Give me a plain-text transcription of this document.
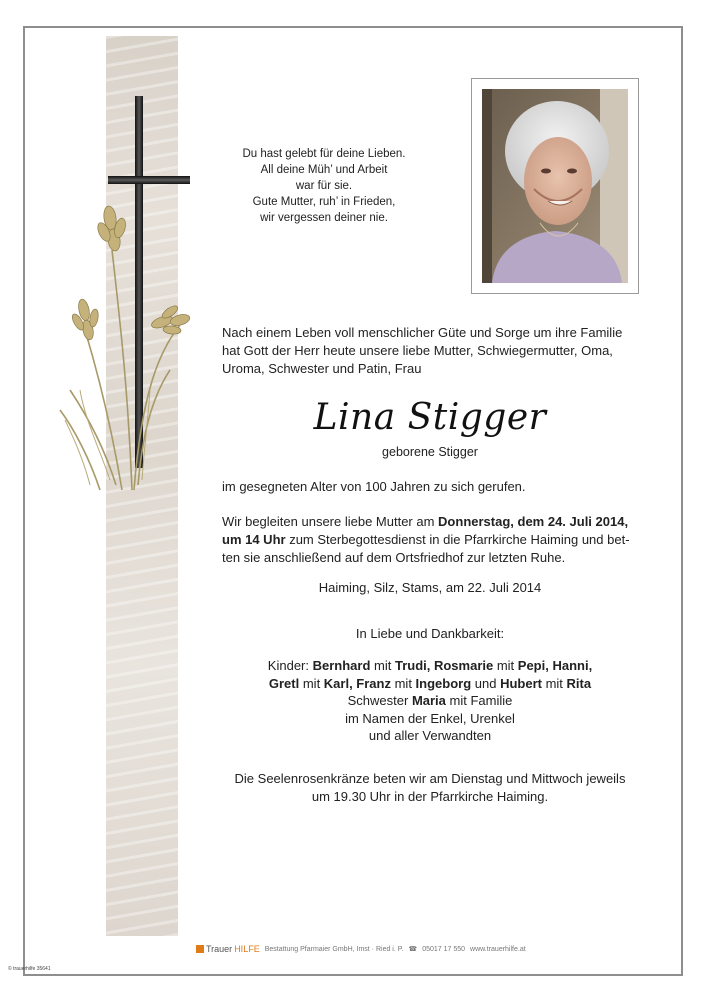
Du hast gelebt für deine Lieben.
All deine Müh’ und Arbeit
war für sie.
Gute Mutter, ruh’ in Frieden,
wir vergessen deiner nie.
Nach einem Leben voll menschlicher Güte und Sorge um ihre Familie
hat Gott der Herr heute unsere liebe Mutter, Schwiegermutter, Oma,
Uroma, Schwester und Patin, Frau
Lina Stigger
geborene Stigger
im gesegneten Alter von 100 Jahren zu sich gerufen.
Wir begleiten unsere liebe Mutter am Donnerstag, dem 24. Juli 2014,
um 14 Uhr zum Sterbegottesdienst in die Pfarrkirche Haiming und bet-
ten sie anschließend auf dem Ortsfriedhof zur letzten Ruhe.
Haiming, Silz, Stams, am 22. Juli 2014
In Liebe und Dankbarkeit:
Kinder: Bernhard mit Trudi, Rosmarie mit Pepi, Hanni,
Gretl mit Karl, Franz mit Ingeborg und Hubert mit Rita
Schwester Maria mit Familie
im Namen der Enkel, Urenkel
und aller Verwandten
Die Seelenrosenkränze beten wir am Dienstag und Mittwoch jeweils
um 19.30 Uhr in der Pfarrkirche Haiming.
Trauer HILFE Bestattung Pfarmaier GmbH, Imst · Ried i. P. ☎ 05017 17 550 www.trauerhilfe.at
© trauerhilfe 35641
